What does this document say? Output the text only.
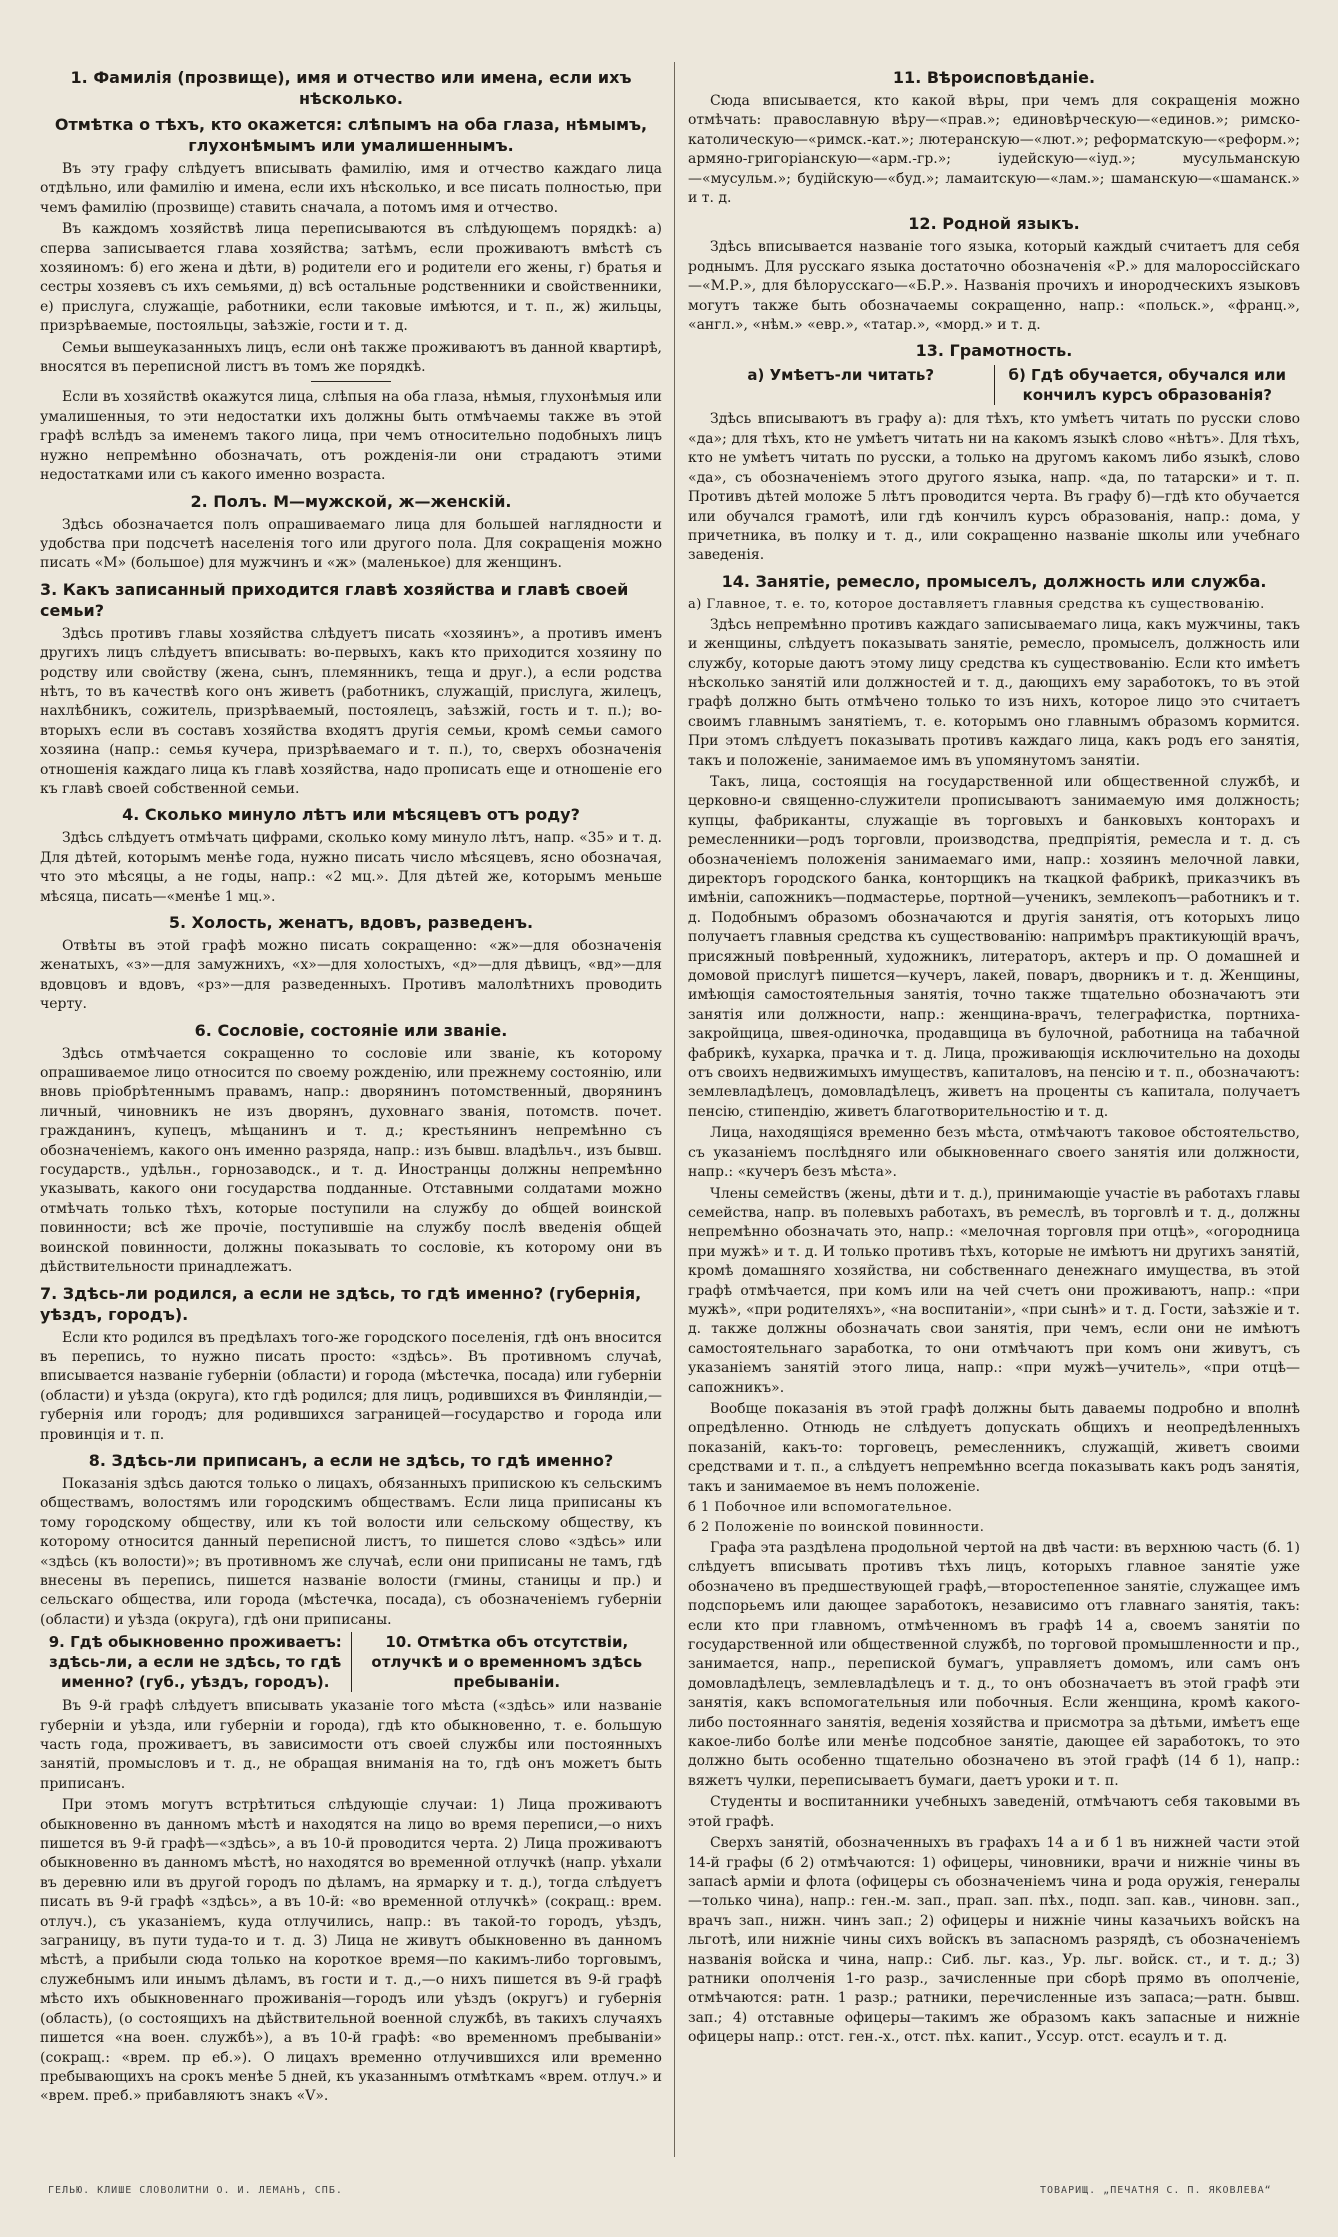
1. Фамилія (прозвище), имя и отчество или имена, если ихъ нѣсколько.
Отмѣтка о тѣхъ, кто окажется: слѣпымъ на оба глаза, нѣмымъ, глухонѣмымъ или умалишеннымъ.

Въ эту графу слѣдуетъ вписывать фамилію, имя и отчество каждаго лица отдѣльно, или фамилію и имена, если ихъ нѣсколько, и все писать полностью, при чемъ фамилію (прозвище) ставить сначала, а потомъ имя и отчество.

Въ каждомъ хозяйствѣ лица переписываются въ слѣдующемъ порядкѣ: а) сперва записывается глава хозяйства; затѣмъ, если проживаютъ вмѣстѣ съ хозяиномъ: б) его жена и дѣти, в) родители его и родители его жены, г) братья и сестры хозяевъ съ ихъ семьями, д) всѣ остальные родственники и свойственники, е) прислуга, служащіе, работники, если таковые имѣются, и т. п., ж) жильцы, призрѣваемые, постояльцы, заѣзжіе, гости и т. д.

Семьи вышеуказанныхъ лицъ, если онѣ также проживаютъ въ данной квартирѣ, вносятся въ переписной листъ въ томъ же порядкѣ.

Если въ хозяйствѣ окажутся лица, слѣпыя на оба глаза, нѣмыя, глухонѣмыя или умалишенныя, то эти недостатки ихъ должны быть отмѣчаемы также въ этой графѣ вслѣдъ за именемъ такого лица, при чемъ относительно подобныхъ лицъ нужно непремѣнно обозначать, отъ рожденія-ли они страдаютъ этими недостатками или съ какого именно возраста.

2. Полъ. М—мужской, ж—женскій.

Здѣсь обозначается полъ опрашиваемаго лица для большей наглядности и удобства при подсчетѣ населенія того или другого пола. Для сокращенія можно писать «М» (большое) для мужчинъ и «ж» (маленькое) для женщинъ.

3. Какъ записанный приходится главѣ хозяйства и главѣ своей семьи?

Здѣсь противъ главы хозяйства слѣдуетъ писать «хозяинъ», а противъ именъ другихъ лицъ слѣдуетъ вписывать: во-первыхъ, какъ кто приходится хозяину по родству или свойству (жена, сынъ, племянникъ, теща и друг.), а если родства нѣтъ, то въ качествѣ кого онъ живетъ (работникъ, служащій, прислуга, жилецъ, нахлѣбникъ, сожитель, призрѣваемый, постоялецъ, заѣзжій, гость и т. п.); во-вторыхъ если въ составъ хозяйства входятъ другія семьи, кромѣ семьи самого хозяина (напр.: семья кучера, призрѣваемаго и т. п.), то, сверхъ обозначенія отношенія каждаго лица къ главѣ хозяйства, надо прописать еще и отношеніе его къ главѣ своей собственной семьи.

4. Сколько минуло лѣтъ или мѣсяцевъ отъ роду?

Здѣсь слѣдуетъ отмѣчать цифрами, сколько кому минуло лѣтъ, напр. «35» и т. д. Для дѣтей, которымъ менѣе года, нужно писать число мѣсяцевъ, ясно обозначая, что это мѣсяцы, а не годы, напр.: «2 мц.». Для дѣтей же, которымъ меньше мѣсяца, писать—«менѣе 1 мц.».

5. Холость, женатъ, вдовъ, разведенъ.

Отвѣты въ этой графѣ можно писать сокращенно: «ж»—для обозначенія женатыхъ, «з»—для замужнихъ, «х»—для холостыхъ, «д»—для дѣвицъ, «вд»—для вдовцовъ и вдовъ, «рз»—для разведенныхъ. Противъ малолѣтнихъ проводить черту.

6. Сословіе, состояніе или званіе.

Здѣсь отмѣчается сокращенно то сословіе или званіе, къ которому опрашиваемое лицо относится по своему рожденію, или прежнему состоянію, или вновь пріобрѣтеннымъ правамъ, напр.: дворянинъ потомственный, дворянинъ личный, чиновникъ не изъ дворянъ, духовнаго званія, потомств. почет. гражданинъ, купецъ, мѣщанинъ и т. д.; крестьянинъ непремѣнно съ обозначеніемъ, какого онъ именно разряда, напр.: изъ бывш. владѣльч., изъ бывш. государств., удѣльн., горнозаводск., и т. д. Иностранцы должны непремѣнно указывать, какого они государства подданные. Отставными солдатами можно отмѣчать только тѣхъ, которые поступили на службу до общей воинской повинности; всѣ же прочіе, поступившіе на службу послѣ введенія общей воинской повинности, должны показывать то сословіе, къ которому они въ дѣйствительности принадлежатъ.

7. Здѣсь-ли родился, а если не здѣсь, то гдѣ именно? (губернія, уѣздъ, городъ).

Если кто родился въ предѣлахъ того-же городского поселенія, гдѣ онъ вносится въ перепись, то нужно писать просто: «здѣсь». Въ противномъ случаѣ, вписывается названіе губерніи (области) и города (мѣстечка, посада) или губерніи (области) и уѣзда (округа), кто гдѣ родился; для лицъ, родившихся въ Финляндіи,—губернія или городъ; для родившихся заграницей—государство и города или провинція и т. п.

8. Здѣсь-ли приписанъ, а если не здѣсь, то гдѣ именно?

Показанія здѣсь даются только о лицахъ, обязанныхъ припискою къ сельскимъ обществамъ, волостямъ или городскимъ обществамъ. Если лица приписаны къ тому городскому обществу, или къ той волости или сельскому обществу, къ которому относится данный переписной листъ, то пишется слово «здѣсь» или «здѣсь (къ волости)»; въ противномъ же случаѣ, если они приписаны не тамъ, гдѣ внесены въ перепись, пишется названіе волости (гмины, станицы и пр.) и сельскаго общества, или города (мѣстечка, посада), съ обозначеніемъ губерніи (области) и уѣзда (округа), гдѣ они приписаны.

9. Гдѣ обыкновенно проживаетъ: здѣсь-ли, а если не здѣсь, то гдѣ именно? (губ., уѣздъ, городъ).
10. Отмѣтка объ отсутствіи, отлучкѣ и о временномъ здѣсь пребываніи.

Въ 9-й графѣ слѣдуетъ вписывать указаніе того мѣста («здѣсь» или названіе губерніи и уѣзда, или губерніи и города), гдѣ кто обыкновенно, т. е. большую часть года, проживаетъ, въ зависимости отъ своей службы или постоянныхъ занятій, промысловъ и т. д., не обращая вниманія на то, гдѣ онъ можетъ быть приписанъ.

При этомъ могутъ встрѣтиться слѣдующіе случаи: 1) Лица проживаютъ обыкновенно въ данномъ мѣстѣ и находятся на лицо во время переписи,—о нихъ пишется въ 9-й графѣ—«здѣсь», а въ 10-й проводится черта. 2) Лица проживаютъ обыкновенно въ данномъ мѣстѣ, но находятся во временной отлучкѣ (напр. уѣхали въ деревню или въ другой городъ по дѣламъ, на ярмарку и т. д.), тогда слѣдуетъ писать въ 9-й графѣ «здѣсь», а въ 10-й: «во временной отлучкѣ» (сокращ.: врем. отлуч.), съ указаніемъ, куда отлучились, напр.: въ такой-то городъ, уѣздъ, заграницу, въ пути туда-то и т. д. 3) Лица не живутъ обыкновенно въ данномъ мѣстѣ, а прибыли сюда только на короткое время—по какимъ-либо торговымъ, служебнымъ или инымъ дѣламъ, въ гости и т. д.,—о нихъ пишется въ 9-й графѣ мѣсто ихъ обыкновеннаго проживанія—городъ или уѣздъ (округъ) и губернія (область), (о состоящихъ на дѣйствительной военной службѣ, въ такихъ случаяхъ пишется «на воен. службѣ»), а въ 10-й графѣ: «во временномъ пребываніи» (сокращ.: «врем. пр еб.»). О лицахъ временно отлучившихся или временно пребывающихъ на срокъ менѣе 5 дней, къ указаннымъ отмѣткамъ «врем. отлуч.» и «врем. преб.» прибавляютъ знакъ «V».

11. Вѣроисповѣданіе.

Сюда вписывается, кто какой вѣры, при чемъ для сокращенія можно отмѣчать: православную вѣру—«прав.»; единовѣрческую—«единов.»; римско-католическую—«римск.-кат.»; лютеранскую—«лют.»; реформатскую—«реформ.»; армяно-григоріанскую—«арм.-гр.»; іудейскую—«іуд.»; мусульманскую—«мусульм.»; будійскую—«буд.»; ламаитскую—«лам.»; шаманскую—«шаманск.» и т. д.

12. Родной языкъ.

Здѣсь вписывается названіе того языка, который каждый считаетъ для себя роднымъ. Для русскаго языка достаточно обозначенія «Р.» для малороссійскаго—«М.Р.», для бѣлорусскаго—«Б.Р.». Названія прочихъ и инородческихъ языковъ могутъ также быть обозначаемы сокращенно, напр.: «польск.», «франц.», «англ.», «нѣм.» «евр.», «татар.», «морд.» и т. д.

13. Грамотность.
а) Умѣетъ-ли читать?	б) Гдѣ обучается, обучался или кончилъ курсъ образованія?

Здѣсь вписываютъ въ графу а): для тѣхъ, кто умѣетъ читать по русски слово «да»; для тѣхъ, кто не умѣетъ читать ни на какомъ языкѣ слово «нѣтъ». Для тѣхъ, кто не умѣетъ читать по русски, а только на другомъ какомъ либо языкѣ, слово «да», съ обозначеніемъ этого другого языка, напр. «да, по татарски» и т. п. Противъ дѣтей моложе 5 лѣтъ проводится черта. Въ графу б)—гдѣ кто обучается или обучался грамотѣ, или гдѣ кончилъ курсъ образованія, напр.: дома, у причетника, въ полку и т. д., или сокращенно названіе школы или учебнаго заведенія.

14. Занятіе, ремесло, промыселъ, должность или служба.

а) Главное, т. е. то, которое доставляетъ главныя средства къ существованію.

Здѣсь непремѣнно противъ каждаго записываемаго лица, какъ мужчины, такъ и женщины, слѣдуетъ показывать занятіе, ремесло, промыселъ, должность или службу, которые даютъ этому лицу средства къ существованію. Если кто имѣетъ нѣсколько занятій или должностей и т. д., дающихъ ему заработокъ, то въ этой графѣ должно быть отмѣчено только то изъ нихъ, которое лицо это считаетъ своимъ главнымъ занятіемъ, т. е. которымъ оно главнымъ образомъ кормится. При этомъ слѣдуетъ показывать противъ каждаго лица, какъ родъ его занятія, такъ и положеніе, занимаемое имъ въ упомянутомъ занятіи.

Такъ, лица, состоящія на государственной или общественной службѣ, и церковно-и священно-служители прописываютъ занимаемую имя должность; купцы, фабриканты, служащіе въ торговыхъ и банковыхъ конторахъ и ремесленники—родъ торговли, производства, предпріятія, ремесла и т. д. съ обозначеніемъ положенія занимаемаго ими, напр.: хозяинъ мелочной лавки, директоръ городского банка, конторщикъ на ткацкой фабрикѣ, приказчикъ въ имѣніи, сапожникъ—подмастерье, портной—ученикъ, землекопъ—работникъ и т. д. Подобнымъ образомъ обозначаются и другія занятія, отъ которыхъ лицо получаетъ главныя средства къ существованію: напримѣръ практикующій врачъ, присяжный повѣренный, художникъ, литераторъ, актеръ и пр. О домашней и домовой прислугѣ пишется—кучеръ, лакей, поваръ, дворникъ и т. д. Женщины, имѣющія самостоятельныя занятія, точно также тщательно обозначаютъ эти занятія или должности, напр.: женщина-врачъ, телеграфистка, портниха-закройщица, швея-одиночка, продавщица въ булочной, работница на табачной фабрикѣ, кухарка, прачка и т. д. Лица, проживающія исключительно на доходы отъ своихъ недвижимыхъ имуществъ, капиталовъ, на пенсію и т. п., обозначаютъ: землевладѣлецъ, домовладѣлецъ, живетъ на проценты съ капитала, получаетъ пенсію, стипендію, живетъ благотворительностію и т. д.

Лица, находящіяся временно безъ мѣста, отмѣчаютъ таковое обстоятельство, съ указаніемъ послѣдняго или обыкновеннаго своего занятія или должности, напр.: «кучеръ безъ мѣста».

Члены семействъ (жены, дѣти и т. д.), принимающіе участіе въ работахъ главы семейства, напр. въ полевыхъ работахъ, въ ремеслѣ, въ торговлѣ и т. д., должны непремѣнно обозначать это, напр.: «мелочная торговля при отцѣ», «огородница при мужѣ» и т. д. И только противъ тѣхъ, которые не имѣютъ ни другихъ занятій, кромѣ домашняго хозяйства, ни собственнаго денежнаго имущества, въ этой графѣ отмѣчается, при комъ или на чей счетъ они проживаютъ, напр.: «при мужѣ», «при родителяхъ», «на воспитаніи», «при сынѣ» и т. д. Гости, заѣзжіе и т. д. также должны обозначать свои занятія, при чемъ, если они не имѣютъ самостоятельнаго заработка, то они отмѣчаютъ при комъ они живутъ, съ указаніемъ занятій этого лица, напр.: «при мужѣ—учитель», «при отцѣ—сапожникъ».

Вообще показанія въ этой графѣ должны быть даваемы подробно и вполнѣ опредѣленно. Отнюдь не слѣдуетъ допускать общихъ и неопредѣленныхъ показаній, какъ-то: торговецъ, ремесленникъ, служащій, живетъ своими средствами и т. п., а слѣдуетъ непремѣнно всегда показывать какъ родъ занятія, такъ и занимаемое въ немъ положеніе.

б 1 Побочное или вспомогательное.

б 2 Положеніе по воинской повинности.

Графа эта раздѣлена продольной чертой на двѣ части: въ верхнюю часть (б. 1) слѣдуетъ вписывать противъ тѣхъ лицъ, которыхъ главное занятіе уже обозначено въ предшествующей графѣ,—второстепенное занятіе, служащее имъ подспорьемъ или дающее заработокъ, независимо отъ главнаго занятія, такъ: если кто при главномъ, отмѣченномъ въ графѣ 14 а, своемъ занятіи по государственной или общественной службѣ, по торговой промышленности и пр., занимается, напр., перепиской бумагъ, управляетъ домомъ, или самъ онъ домовладѣлецъ, землевладѣлецъ и т. д., то онъ обозначаетъ въ этой графѣ эти занятія, какъ вспомогательныя или побочныя. Если женщина, кромѣ какого-либо постояннаго занятія, веденія хозяйства и присмотра за дѣтьми, имѣетъ еще какое-либо болѣе или менѣе подсобное занятіе, дающее ей заработокъ, то это должно быть особенно тщательно обозначено въ этой графѣ (14 б 1), напр.: вяжетъ чулки, переписываетъ бумаги, даетъ уроки и т. п.

Студенты и воспитанники учебныхъ заведеній, отмѣчаютъ себя таковыми въ этой графѣ.

Сверхъ занятій, обозначенныхъ въ графахъ 14 а и б 1 въ нижней части этой 14-й графы (б 2) отмѣчаются: 1) офицеры, чиновники, врачи и нижніе чины въ запасѣ арміи и флота (офицеры съ обозначеніемъ чина и рода оружія, генералы—только чина), напр.: ген.-м. зап., прап. зап. пѣх., подп. зап. кав., чиновн. зап., врачъ зап., нижн. чинъ зап.; 2) офицеры и нижніе чины казачьихъ войскъ на льготѣ, или нижніе чины сихъ войскъ въ запасномъ разрядѣ, съ обозначеніемъ названія войска и чина, напр.: Сиб. льг. каз., Ур. льг. войск. ст., и т. д.; 3) ратники ополченія 1-го разр., зачисленные при сборѣ прямо въ ополченіе, отмѣчаются: ратн. 1 разр.; ратники, перечисленные изъ запаса;—ратн. бывш. зап.; 4) отставные офицеры—такимъ же образомъ какъ запасные и нижніе офицеры напр.: отст. ген.-х., отст. пѣх. капит., Уссур. отст. есаулъ и т. д.

ГЕЛЬЮ. КЛИШЕ СЛОВОЛИТНИ О. И. ЛЕМАНЪ, СПБ.	ТОВАРИЩ. „ПЕЧАТНЯ С. П. ЯКОВЛЕВА“
